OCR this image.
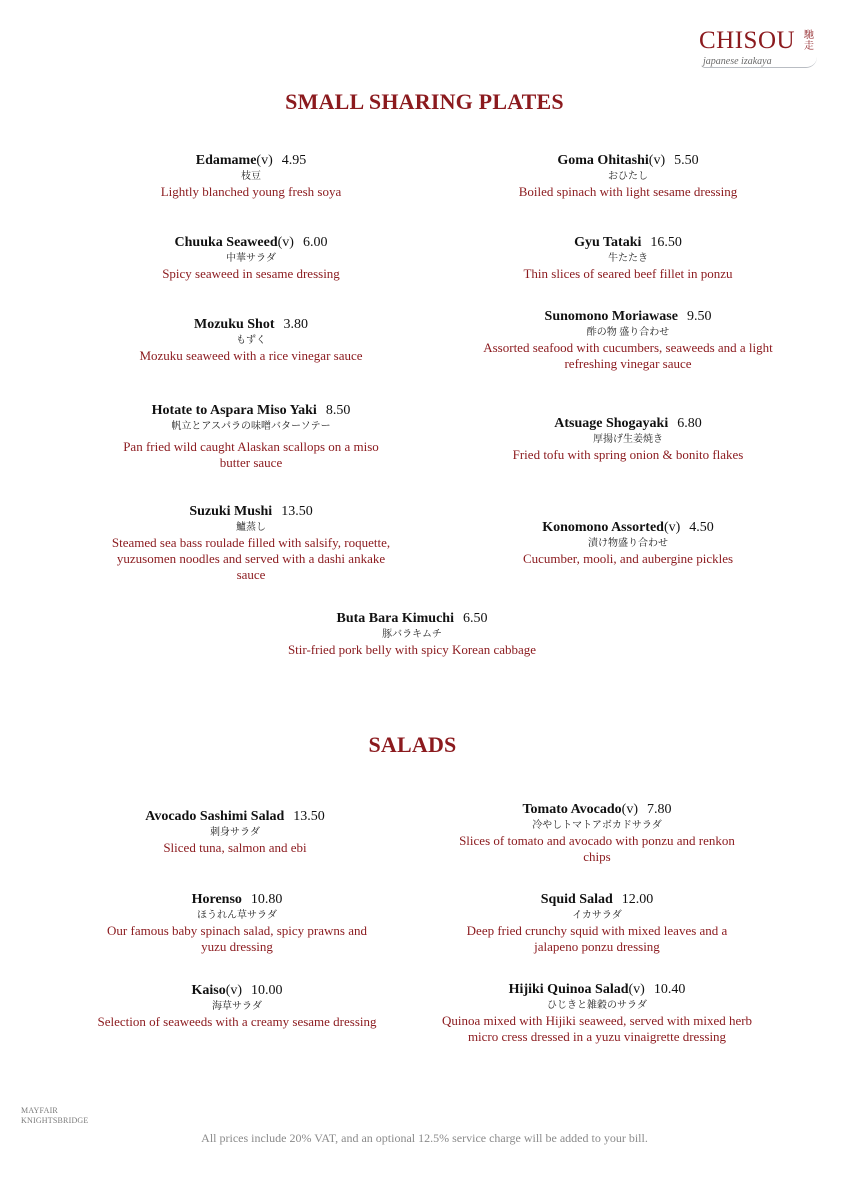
CHISOU 馳走
japanese izakaya
SMALL SHARING PLATES
Edamame(v) 4.95
枝豆
Lightly blanched young fresh soya
Goma Ohitashi(v) 5.50
おひたし
Boiled spinach with light sesame dressing
Chuuka Seaweed(v) 6.00
中華サラダ
Spicy seaweed in sesame dressing
Gyu Tataki 16.50
牛たたき
Thin slices of seared beef fillet in ponzu
Mozuku Shot 3.80
もずく
Mozuku seaweed with a rice vinegar sauce
Sunomono Moriawase 9.50
酢の物 盛り合わせ
Assorted seafood with cucumbers, seaweeds and a light refreshing vinegar sauce
Hotate to Aspara Miso Yaki 8.50
帆立とアスパラの味噌バターソテー
Pan fried wild caught Alaskan scallops on a miso butter sauce
Atsuage Shogayaki 6.80
厚揚げ生姜焼き
Fried tofu with spring onion & bonito flakes
Suzuki Mushi 13.50
鱸蒸し
Steamed sea bass roulade filled with salsify, roquette, yuzusomen noodles and served with a dashi ankake sauce
Konomono Assorted(v) 4.50
漬け物盛り合わせ
Cucumber, mooli, and aubergine pickles
Buta Bara Kimuchi 6.50
豚バラキムチ
Stir-fried pork belly with spicy Korean cabbage
SALADS
Avocado Sashimi Salad 13.50
刺身サラダ
Sliced tuna, salmon and ebi
Tomato Avocado(v) 7.80
冷やしトマトアボカドサラダ
Slices of tomato and avocado with ponzu and renkon chips
Horenso 10.80
ほうれん草サラダ
Our famous baby spinach salad, spicy prawns and yuzu dressing
Squid Salad 12.00
イカサラダ
Deep fried crunchy squid with mixed leaves and a jalapeno ponzu dressing
Kaiso(v) 10.00
海草サラダ
Selection of seaweeds with a creamy sesame dressing
Hijiki Quinoa Salad(v) 10.40
ひじきと雑穀のサラダ
Quinoa mixed with Hijiki seaweed, served with mixed herb micro cress dressed in a yuzu vinaigrette dressing
MAYFAIR
KNIGHTSBRIDGE
All prices include 20% VAT, and an optional 12.5% service charge will be added to your bill.
